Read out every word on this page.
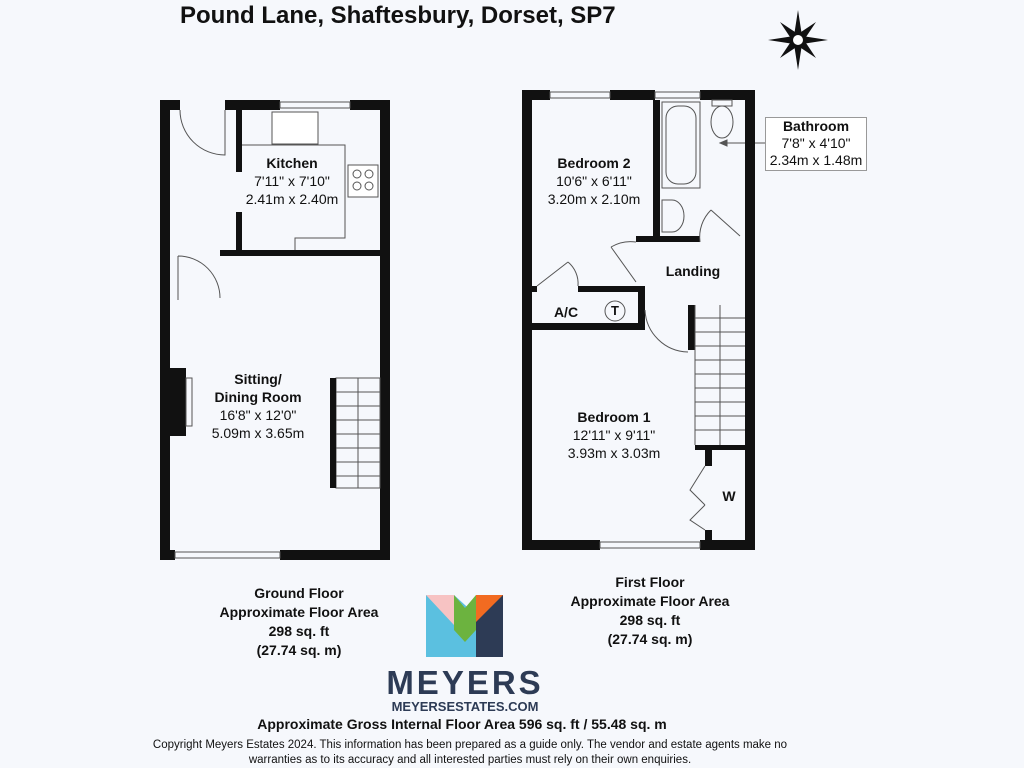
Pound Lane, Shaftesbury, Dorset, SP7
Kitchen
7'11" x 7'10"
2.41m x 2.40m
Sitting/
Dining Room
16'8" x 12'0"
5.09m x 3.65m
Bedroom 2
10'6" x 6'11"
3.20m x 2.10m
Bathroom
7'8" x 4'10"
2.34m x 1.48m
Landing
A/C	T
Bedroom 1
12'11" x 9'11"
3.93m x 3.03m
W
Ground Floor
Approximate Floor Area
298 sq. ft
(27.74 sq. m)
First Floor
Approximate Floor Area
298 sq. ft
(27.74 sq. m)
MEYERS
MEYERSESTATES.COM
Approximate Gross Internal Floor Area 596 sq. ft / 55.48 sq. m
Copyright Meyers Estates 2024. This information has been prepared as a guide only. The vendor and estate agents make no warranties as to its accuracy and all interested parties must rely on their own enquiries.
